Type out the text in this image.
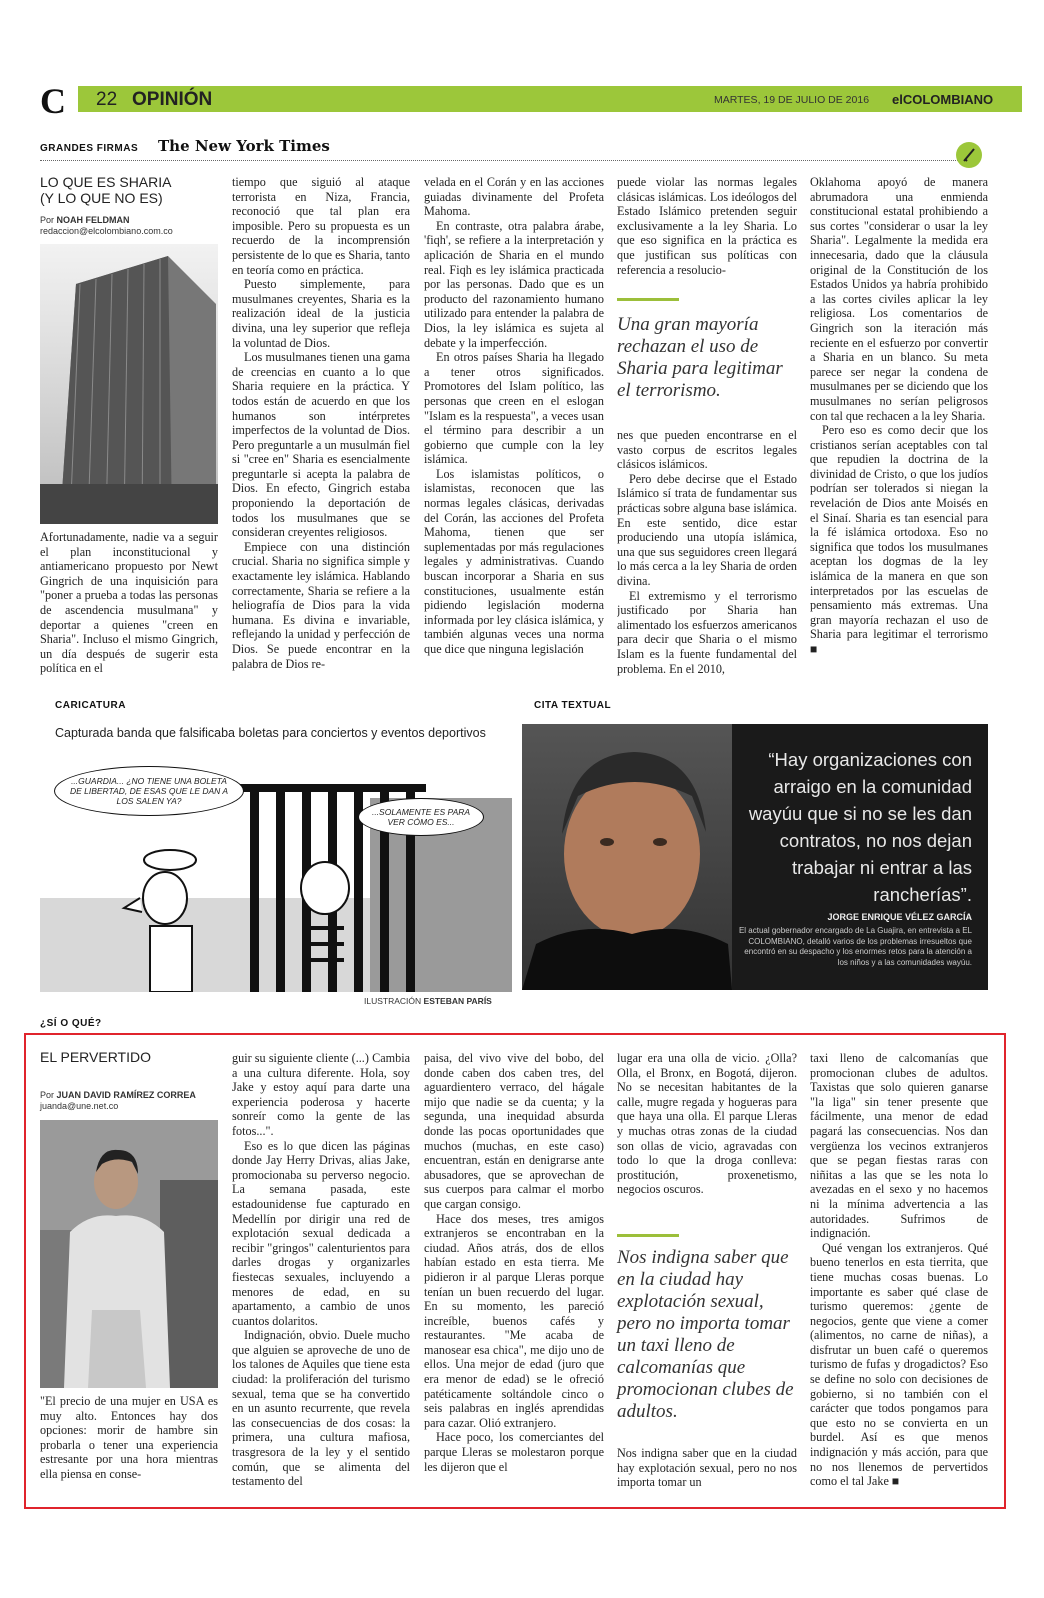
C 22 OPINIÓN	MARTES, 19 DE JULIO DE 2016 elCOLOMBIANO
GRANDES FIRMAS The New York Times
LO QUE ES SHARIA
(Y LO QUE NO ES)
Por NOAH FELDMAN
redaccion@elcolombiano.com.co

Afortunadamente, nadie va a seguir el plan inconstitucional y antiamericano propuesto por Newt Gingrich de una inquisición para "poner a prueba a todas las personas de ascendencia musulmana" y deportar a quienes "creen en Sharia". Incluso el mismo Gingrich, un día después de sugerir esta política en el

tiempo que siguió al ataque terrorista en Niza, Francia, reconoció que tal plan era imposible. Pero su propuesta es un recuerdo de la incomprensión persistente de lo que es Sharia, tanto en teoría como en práctica.

Puesto simplemente, para musulmanes creyentes, Sharia es la realización ideal de la justicia divina, una ley superior que refleja la voluntad de Dios.

Los musulmanes tienen una gama de creencias en cuanto a lo que Sharia requiere en la práctica. Y todos están de acuerdo en que los humanos son intérpretes imperfectos de la voluntad de Dios. Pero preguntarle a un musulmán fiel si "cree en" Sharia es esencialmente preguntarle si acepta la palabra de Dios. En efecto, Gingrich estaba proponiendo la deportación de todos los musulmanes que se consideran creyentes religiosos.

Empiece con una distinción crucial. Sharia no significa simple y exactamente ley islámica. Hablando correctamente, Sharia se refiere a la heliografía de Dios para la vida humana. Es divina e invariable, reflejando la unidad y perfección de Dios. Se puede encontrar en la palabra de Dios re-

velada en el Corán y en las acciones guiadas divinamente del Profeta Mahoma.

En contraste, otra palabra árabe, 'fiqh', se refiere a la interpretación y aplicación de Sharia en el mundo real. Fiqh es ley islámica practicada por las personas. Dado que es un producto del razonamiento humano utilizado para entender la palabra de Dios, la ley islámica es sujeta al debate y la imperfección.

En otros países Sharia ha llegado a tener otros significados. Promotores del Islam político, las personas que creen en el eslogan "Islam es la respuesta", a veces usan el término para describir a un gobierno que cumple con la ley islámica.

Los islamistas políticos, o islamistas, reconocen que las normas legales clásicas, derivadas del Corán, las acciones del Profeta Mahoma, tienen que ser suplementadas por más regulaciones legales y administrativas. Cuando buscan incorporar a Sharia en sus constituciones, usualmente están pidiendo legislación moderna informada por ley clásica islámica, y también algunas veces una norma que dice que ninguna legislación

puede violar las normas legales clásicas islámicas. Los ideólogos del Estado Islámico pretenden seguir exclusivamente a la ley Sharia. Lo que eso significa en la práctica es que justifican sus políticas con referencia a resolucio-

Una gran mayoría rechazan el uso de Sharia para legitimar el terrorismo.

nes que pueden encontrarse en el vasto corpus de escritos legales clásicos islámicos.

Pero debe decirse que el Estado Islámico sí trata de fundamentar sus prácticas sobre alguna base islámica. En este sentido, dice estar produciendo una utopía islámica, una que sus seguidores creen llegará lo más cerca a la ley Sharia de orden divina.

El extremismo y el terrorismo justificado por Sharia han alimentado los esfuerzos americanos para decir que Sharia o el mismo Islam es la fuente fundamental del problema. En el 2010,

Oklahoma apoyó de manera abrumadora una enmienda constitucional estatal prohibiendo a sus cortes "considerar o usar la ley Sharia". Legalmente la medida era innecesaria, dado que la cláusula original de la Constitución de los Estados Unidos ya habría prohibido a las cortes civiles aplicar la ley religiosa. Los comentarios de Gingrich son la iteración más reciente en el esfuerzo por convertir a Sharia en un blanco. Su meta parece ser negar la condena de musulmanes per se diciendo que los musulmanes no serían peligrosos con tal que rechacen a la ley Sharia.

Pero eso es como decir que los cristianos serían aceptables con tal que repudien la doctrina de la divinidad de Cristo, o que los judíos podrían ser tolerados si niegan la revelación de Dios ante Moisés en el Sinaí. Sharia es tan esencial para la fé islámica ortodoxa. Eso no significa que todos los musulmanes aceptan los dogmas de la ley islámica de la manera en que son interpretados por las escuelas de pensamiento más extremas. Una gran mayoría rechazan el uso de Sharia para legitimar el terrorismo ■

CARICATURA
Capturada banda que falsificaba boletas para conciertos y eventos deportivos
...GUARDIA... ¿NO TIENE UNA BOLETA DE LIBERTAD, DE ESAS QUE LE DAN A LOS SALEN YA?
...SOLAMENTE ES PARA VER CÓMO ES...
ILUSTRACIÓN ESTEBAN PARÍS
CITA TEXTUAL
“Hay organizaciones con arraigo en la comunidad wayúu que si no se les dan contratos, no nos dejan trabajar ni entrar a las rancherías”.
JORGE ENRIQUE VÉLEZ GARCÍA
El actual gobernador encargado de La Guajira, en entrevista a EL COLOMBIANO, detalló varios de los problemas irresueltos que encontró en su despacho y los enormes retos para la atención a los niños y a las comunidades wayúu.
¿SÍ O QUÉ?
EL PERVERTIDO
Por JUAN DAVID RAMÍREZ CORREA
juanda@une.net.co

"El precio de una mujer en USA es muy alto. Entonces hay dos opciones: morir de hambre sin probarla o tener una experiencia estresante por una hora mientras ella piensa en conse-

guir su siguiente cliente (...) Cambia a una cultura diferente. Hola, soy Jake y estoy aquí para darte una experiencia poderosa y hacerte sonreír como la gente de las fotos...".

Eso es lo que dicen las páginas donde Jay Herry Drivas, alias Jake, promocionaba su perverso negocio. La semana pasada, este estadounidense fue capturado en Medellín por dirigir una red de explotación sexual dedicada a recibir "gringos" calenturientos para darles drogas y organizarles fiestecas sexuales, incluyendo a menores de edad, en su apartamento, a cambio de unos cuantos dolaritos.

Indignación, obvio. Duele mucho que alguien se aproveche de uno de los talones de Aquiles que tiene esta ciudad: la proliferación del turismo sexual, tema que se ha convertido en un asunto recurrente, que revela las consecuencias de dos cosas: la primera, una cultura mafiosa, trasgresora de la ley y el sentido común, que se alimenta del testamento del

paisa, del vivo vive del bobo, del donde caben dos caben tres, del aguardientero verraco, del hágale mijo que nadie se da cuenta; y la segunda, una inequidad absurda donde las pocas oportunidades que muchos (muchas, en este caso) encuentran, están en denigrarse ante abusadores, que se aprovechan de sus cuerpos para calmar el morbo que cargan consigo.

Hace dos meses, tres amigos extranjeros se encontraban en la ciudad. Años atrás, dos de ellos habían estado en esta tierra. Me pidieron ir al parque Lleras porque tenían un buen recuerdo del lugar. En su momento, les pareció increíble, buenos cafés y restaurantes. "Me acaba de manosear esa chica", me dijo uno de ellos. Una mejor de edad (juro que era menor de edad) se le ofreció patéticamente soltándole cinco o seis palabras en inglés aprendidas para cazar. Olió extranjero.

Hace poco, los comerciantes del parque Lleras se molestaron porque les dijeron que el

lugar era una olla de vicio. ¿Olla? Olla, el Bronx, en Bogotá, dijeron. No se necesitan habitantes de la calle, mugre regada y hogueras para que haya una olla. El parque Lleras y muchas otras zonas de la ciudad son ollas de vicio, agravadas con todo lo que la droga conlleva: prostitución, proxenetismo, negocios oscuros.

Nos indigna saber que en la ciudad hay explotación sexual, pero no importa tomar un taxi lleno de calcomanías que promocionan clubes de adultos.

Nos indigna saber que en la ciudad hay explotación sexual, pero no nos importa tomar un

taxi lleno de calcomanías que promocionan clubes de adultos. Taxistas que solo quieren ganarse "la liga" sin tener presente que fácilmente, una menor de edad pagará las consecuencias. Nos dan vergüenza los vecinos extranjeros que se pegan fiestas raras con niñitas a las que se les nota lo avezadas en el sexo y no hacemos ni la mínima advertencia a las autoridades. Sufrimos de indignación.

Qué vengan los extranjeros. Qué bueno tenerlos en esta tierrita, que tiene muchas cosas buenas. Lo importante es saber qué clase de turismo queremos: ¿gente de negocios, gente que viene a comer (alimentos, no carne de niñas), a disfrutar un buen café o queremos turismo de fufas y drogadictos? Eso se define no solo con decisiones de gobierno, si no también con el carácter que todos pongamos para que esto no se convierta en un burdel. Así es que menos indignación y más acción, para que no nos llenemos de pervertidos como el tal Jake ■
